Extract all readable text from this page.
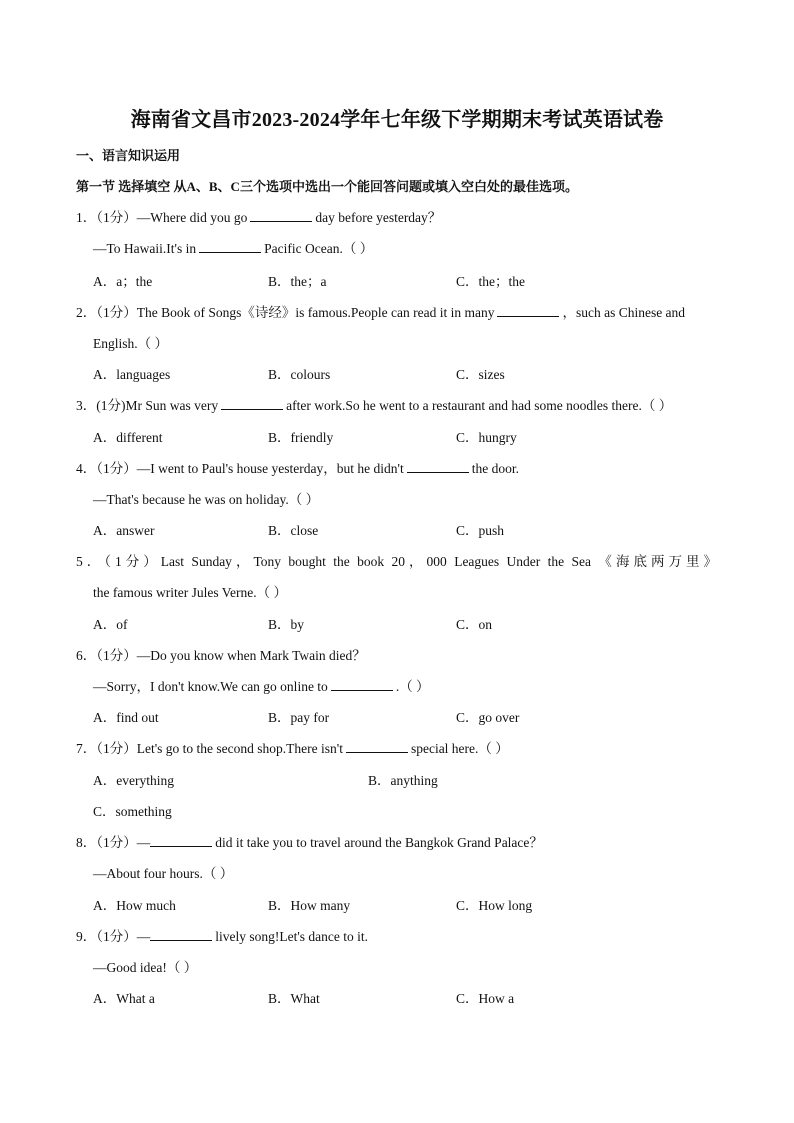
海南省文昌市2023-2024学年七年级下学期期末考试英语试卷
一、语言知识运用
第一节 选择填空 从A、B、C三个选项中选出一个能回答问题或填入空白处的最佳选项。
1．（1分）—Where did you go	day before yesterday？
—To Hawaii.It's in	Pacific Ocean.（ ）
A．a；the	B．the；a	C．the；the
2．（1分）The Book of Songs《诗经》is famous.People can read it in many	，such as Chinese and
English.（ ）
A．languages	B．colours	C．sizes
3．(1分)Mr Sun was very	after work.So he went to a restaurant and had some noodles there.（ ）
A．different	B．friendly	C．hungry
4．（1分）—I went to Paul's house yesterday，but he didn't	the door.
—That's because he was on holiday.（ ）
A．answer	B．close	C．push
5．（1分）Last Sunday，Tony bought the book 20，000 Leagues Under the Sea 《海底两万里》
the famous writer Jules Verne.（ ）
A．of	B．by	C．on
6．（1分）—Do you know when Mark Twain died？
—Sorry，I don't know.We can go online to	.（ ）
A．find out	B．pay for	C．go over
7．（1分）Let's go to the second shop.There isn't	special here.（ ）
A．everything	B．anything
C．something
8．（1分）—	did it take you to travel around the Bangkok Grand Palace？
—About four hours.（ ）
A．How much	B．How many	C．How long
9．（1分）—	lively song!Let's dance to it.
—Good idea!（ ）
A．What a	B．What	C．How a
